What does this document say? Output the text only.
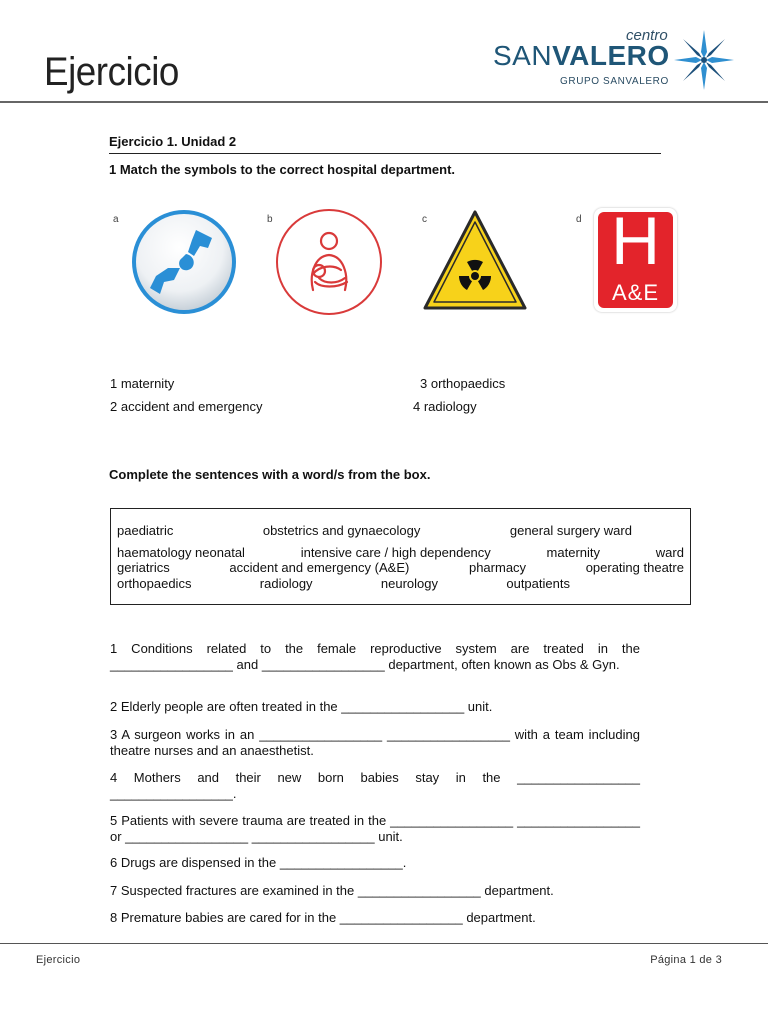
Ejercicio
centro
SANVALERO
GRUPO SANVALERO
Ejercicio 1. Unidad 2
1 Match the symbols to the correct hospital department.
a	b	c	d H
A&E
1 maternity	3 orthopaedics
2 accident and emergency	4 radiology
Complete the sentences with a word/s from the box.
paediatric	obstetrics and gynaecology	general surgery ward
haematology neonatal	intensive care / high dependency	maternity	ward
geriatrics	accident and emergency (A&E)	pharmacy	operating theatre
orthopaedics	radiology	neurology	outpatients
1 Conditions related to the female reproductive system are treated in the _________________ and _________________ department, often known as Obs & Gyn.
2 Elderly people are often treated in the _________________ unit.
3 A surgeon works in an _________________ _________________ with a team including theatre nurses and an anaesthetist.
4 Mothers and their new born babies stay in the _________________ _________________.
5 Patients with severe trauma are treated in the _________________ _________________ or _________________ _________________ unit.
6 Drugs are dispensed in the _________________.
7 Suspected fractures are examined in the _________________ department.
8 Premature babies are cared for in the _________________ department.
Ejercicio	Página 1 de 3
